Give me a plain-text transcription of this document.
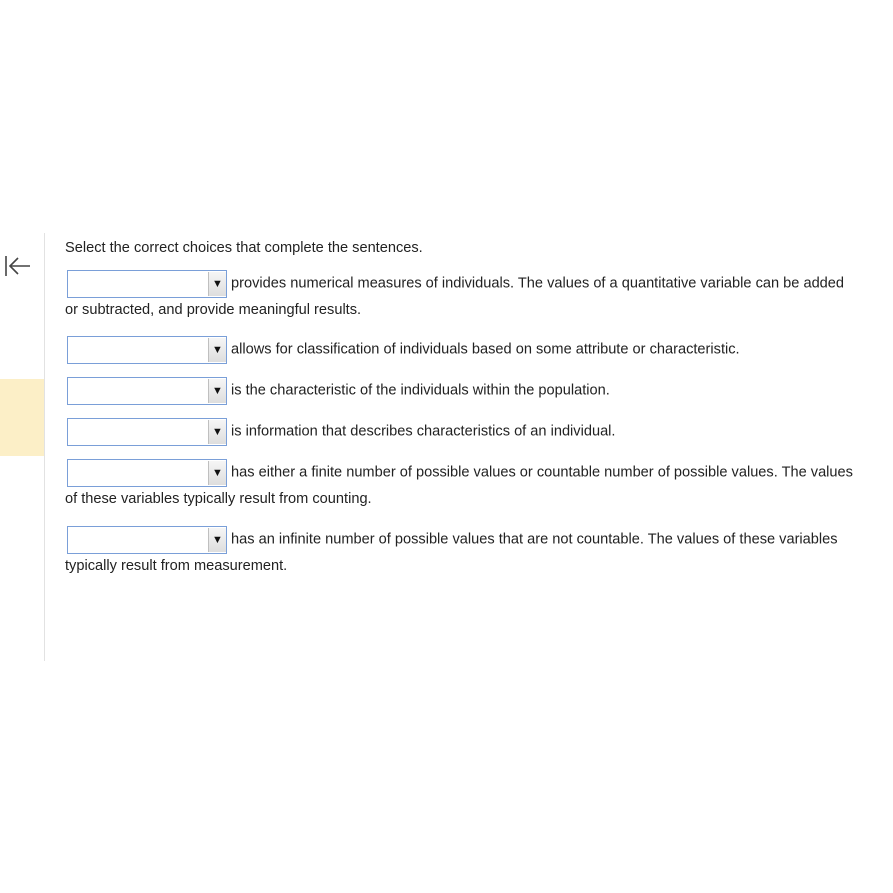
Select the correct choices that complete the sentences.

▼ provides numerical measures of individuals. The values of a quantitative variable can be added or subtracted, and provide meaningful results.

▼ allows for classification of individuals based on some attribute or characteristic.

▼ is the characteristic of the individuals within the population.

▼ is information that describes characteristics of an individual.

▼ has either a finite number of possible values or countable number of possible values. The values of these variables typically result from counting.

▼ has an infinite number of possible values that are not countable. The values of these variables typically result from measurement.
